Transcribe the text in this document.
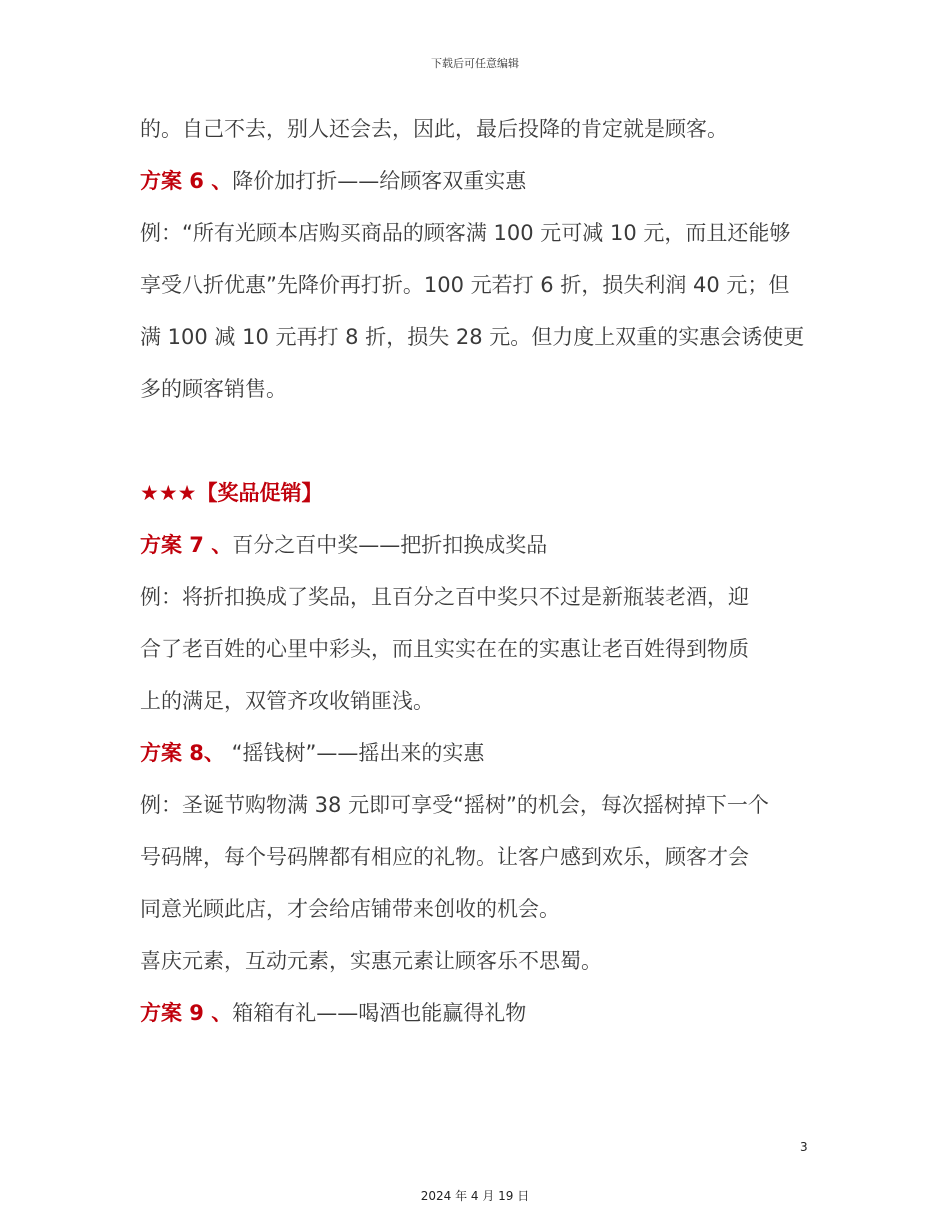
下载后可任意编辑
的。自己不去，别人还会去，因此，最后投降的肯定就是顾客。
方案 6 、降价加打折——给顾客双重实惠
例：“所有光顾本店购买商品的顾客满 100 元可减 10 元，而且还能够
享受八折优惠”先降价再打折。100 元若打 6 折，损失利润 40 元；但
满 100 减 10 元再打 8 折，损失 28 元。但力度上双重的实惠会诱使更
多的顾客销售。
★★★【奖品促销】
方案 7 、百分之百中奖——把折扣换成奖品
例：将折扣换成了奖品，且百分之百中奖只不过是新瓶装老酒，迎
合了老百姓的心里中彩头，而且实实在在的实惠让老百姓得到物质
上的满足，双管齐攻收销匪浅。
方案 8、 “摇钱树”——摇出来的实惠
例：圣诞节购物满 38 元即可享受“摇树”的机会，每次摇树掉下一个
号码牌，每个号码牌都有相应的礼物。让客户感到欢乐，顾客才会
同意光顾此店，才会给店铺带来创收的机会。
喜庆元素，互动元素，实惠元素让顾客乐不思蜀。
方案 9 、箱箱有礼——喝酒也能赢得礼物
3
2024 年 4 月 19 日
